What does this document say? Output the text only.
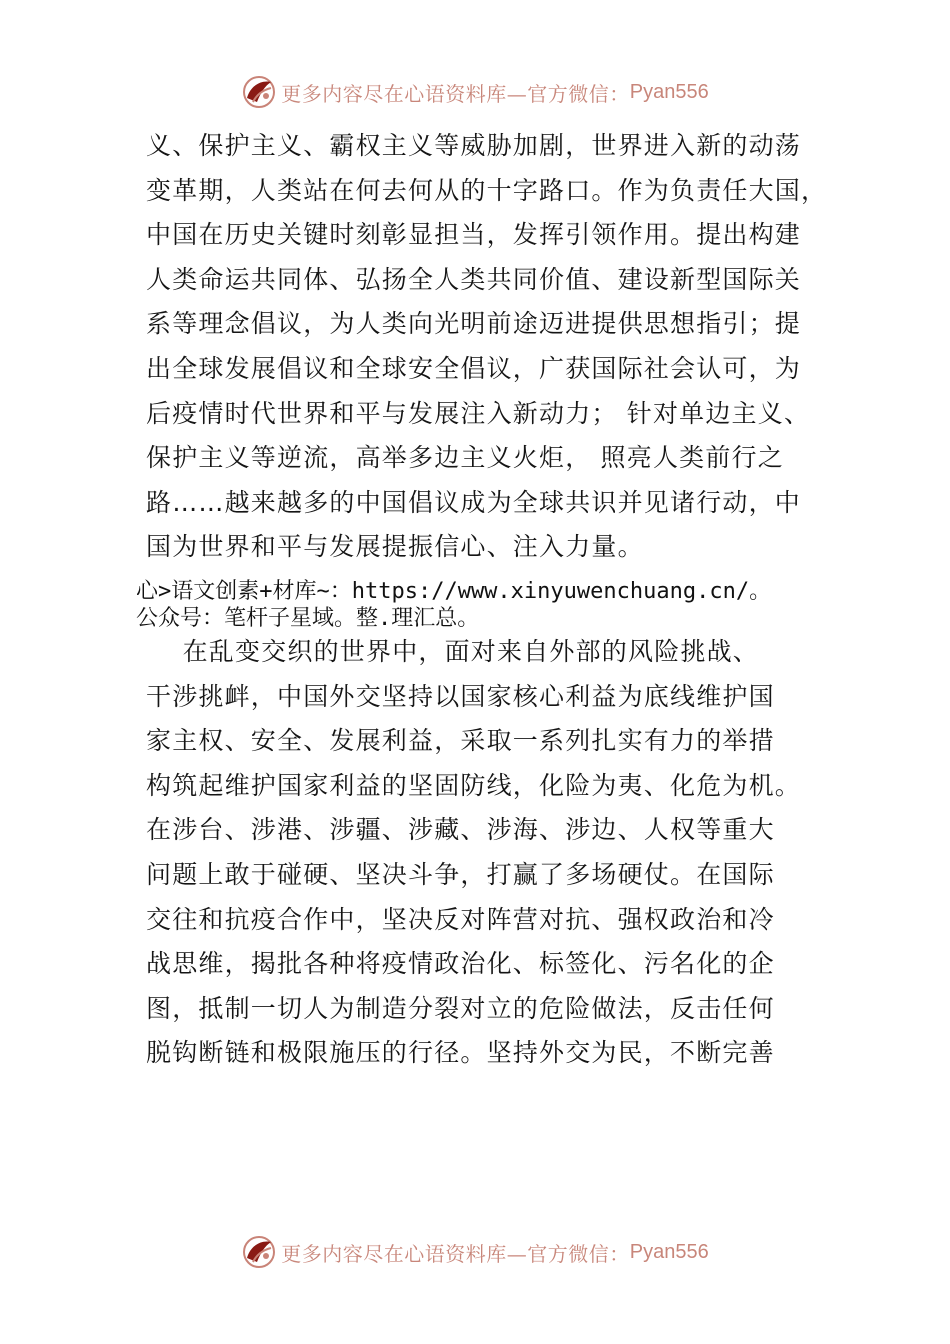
更多内容尽在心语资料库—官方微信： Pyan556
义、保护主义、霸权主义等威胁加剧，世界进入新的动荡
变革期，人类站在何去何从的十字路口。作为负责任大国，
中国在历史关键时刻彰显担当，发挥引领作用。提出构建
人类命运共同体、弘扬全人类共同价值、建设新型国际关
系等理念倡议，为人类向光明前途迈进提供思想指引；提
出全球发展倡议和全球安全倡议，广获国际社会认可，为
后疫情时代世界和平与发展注入新动力； 针对单边主义、
保护主义等逆流，高举多边主义火炬， 照亮人类前行之
路……越来越多的中国倡议成为全球共识并见诸行动，中
国为世界和平与发展提振信心、注入力量。
心>语文创素+材库~：https://www.xinyuwenchuang.cn/。
公众号：笔杆子星域。整.理汇总。
在乱变交织的世界中，面对来自外部的风险挑战、
干涉挑衅，中国外交坚持以国家核心利益为底线维护国
家主权、安全、发展利益，采取一系列扎实有力的举措
构筑起维护国家利益的坚固防线，化险为夷、化危为机。
在涉台、涉港、涉疆、涉藏、涉海、涉边、人权等重大
问题上敢于碰硬、坚决斗争，打赢了多场硬仗。在国际
交往和抗疫合作中，坚决反对阵营对抗、强权政治和冷
战思维，揭批各种将疫情政治化、标签化、污名化的企
图，抵制一切人为制造分裂对立的危险做法，反击任何
脱钩断链和极限施压的行径。坚持外交为民，不断完善
更多内容尽在心语资料库—官方微信： Pyan556
